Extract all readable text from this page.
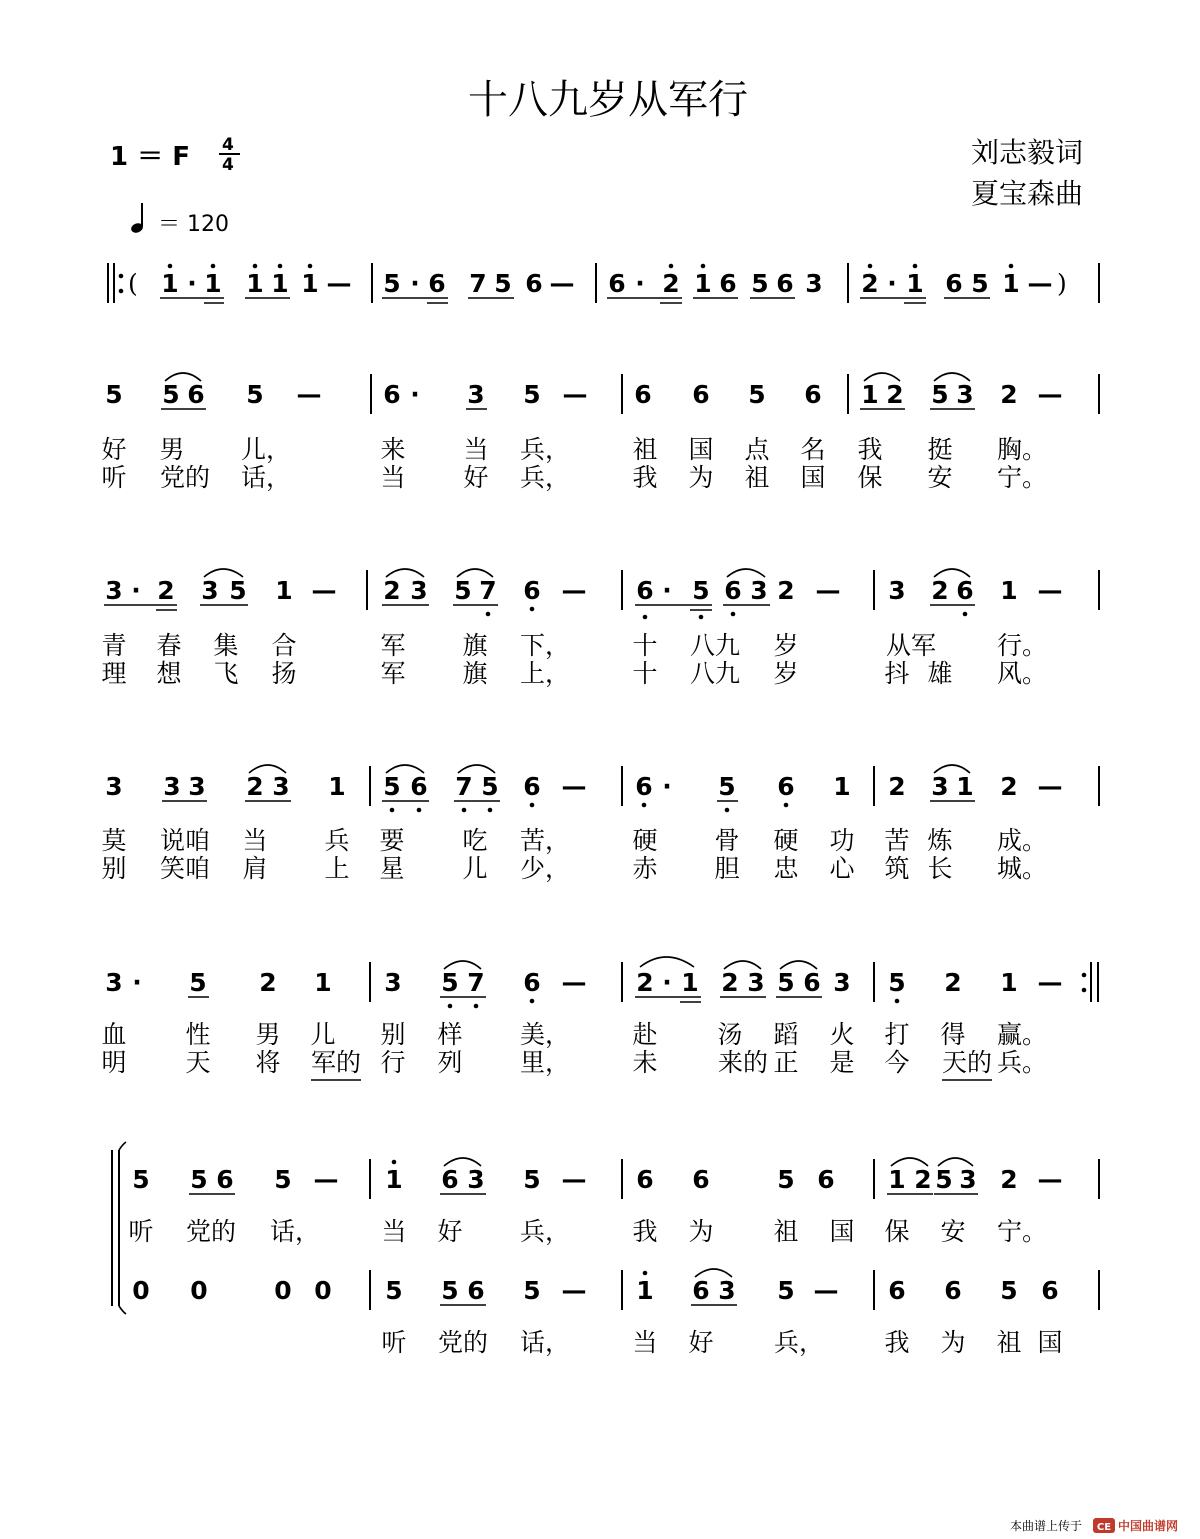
十八九岁从军行
1 ＝ F 4
4
＝ 120
刘志毅词
夏宝森曲
( 1 · 1 1 1 1 — 5 · 6 7 5 6 — 6 · 2 1 6 5 6 3 2 · 1 6 5 1 — )
5 5 6 5 — 6 · 3 5 — 6 6 5 6 1 2 5 3 2 —
好 男 儿，	来 当 兵， 祖 国 点 名 我 挺 胸。
听 党的 话，	当 好 兵， 我 为 祖 国 保 安 宁。
3 · 2 3 5 1 — 2 3 5 7 6 — 6 · 5 6 3 2 — 3 2 6 1 —
青 春 集 合	军 旗 下， 十 八九 岁	从军 行。
理 想 飞 扬	军 旗 上， 十 八九 岁	抖 雄 风。
3 3 3 2 3 1 5 6 7 5 6 — 6 · 5 6 1 2 3 1 2 —
莫 说咱 当 兵 要 吃 苦， 硬 骨 硬 功 苦 炼 成。
别 笑咱 肩 上 星 儿 少， 赤 胆 忠 心 筑 长 城。
3 · 5 2 1 3 5 7 6 — 2 · 1 2 3 5 6 3 5 2 1 —
血 性 男 儿 别 样 美， 赴 汤 蹈 火 打 得 赢。
明 天 将 军的 行 列 里， 未 来的 正 是 今 天的 兵。
5 5 6 5 — 1 6 3 5 — 6 6	5 6 1 2 5 3 2 —
听 党的 话， 当 好 兵， 我 为 祖 国 保 安 宁。
0 0	0 0 5 5 6 5 — 1 6 3 5 — 6 6 5 6
听 党的 话， 当 好 兵， 我 为 祖 国
本曲谱上传于 CE 中国曲谱网
